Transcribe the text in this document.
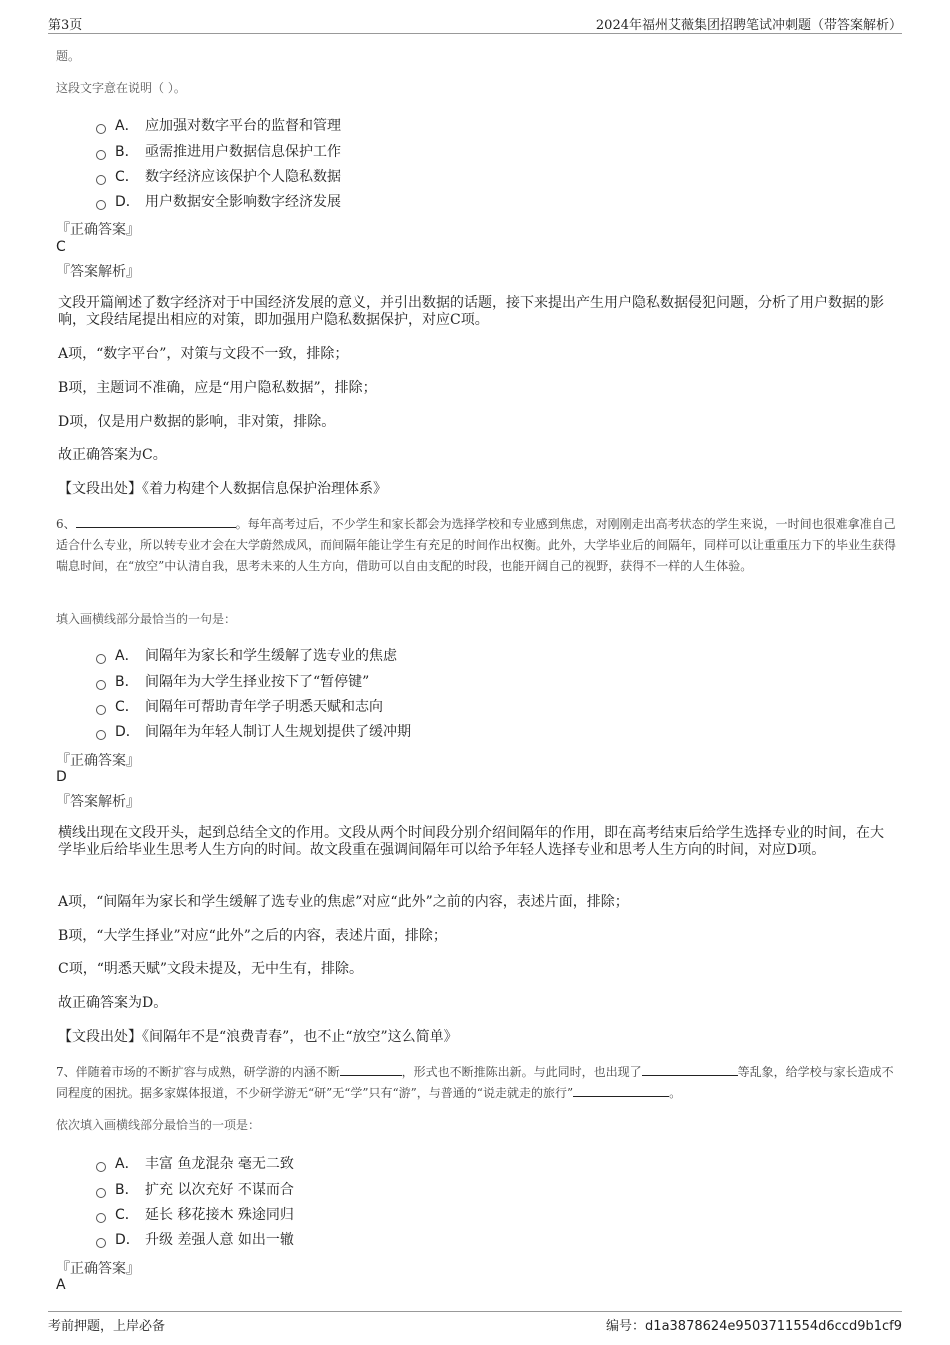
第3页	2024年福州艾薇集团招聘笔试冲刺题（带答案解析）
题。
这段文字意在说明（ ）。
A． 应加强对数字平台的监督和管理
B． 亟需推进用户数据信息保护工作
C． 数字经济应该保护个人隐私数据
D． 用户数据安全影响数字经济发展
『正确答案』
C
『答案解析』
文段开篇阐述了数字经济对于中国经济发展的意义，并引出数据的话题，接下来提出产生用户隐私数据侵犯问题，分析了用户数据的影响，文段结尾提出相应的对策，即加强用户隐私数据保护，对应C项。
A项，“数字平台”，对策与文段不一致，排除；
B项，主题词不准确，应是“用户隐私数据”，排除；
D项，仅是用户数据的影响，非对策，排除。
故正确答案为C。
【文段出处】《着力构建个人数据信息保护治理体系》
6、	。每年高考过后，不少学生和家长都会为选择学校和专业感到焦虑，对刚刚走出高考状态的学生来说，一时间也很难拿准自己适合什么专业，所以转专业才会在大学蔚然成风，而间隔年能让学生有充足的时间作出权衡。此外，大学毕业后的间隔年，同样可以让重重压力下的毕业生获得喘息时间，在“放空”中认清自我，思考未来的人生方向，借助可以自由支配的时段，也能开阔自己的视野，获得不一样的人生体验。
填入画横线部分最恰当的一句是：
A． 间隔年为家长和学生缓解了选专业的焦虑
B． 间隔年为大学生择业按下了“暂停键”
C． 间隔年可帮助青年学子明悉天赋和志向
D． 间隔年为年轻人制订人生规划提供了缓冲期
『正确答案』
D
『答案解析』
横线出现在文段开头，起到总结全文的作用。文段从两个时间段分别介绍间隔年的作用，即在高考结束后给学生选择专业的时间，在大学毕业后给毕业生思考人生方向的时间。故文段重在强调间隔年可以给予年轻人选择专业和思考人生方向的时间，对应D项。
A项，“间隔年为家长和学生缓解了选专业的焦虑”对应“此外”之前的内容，表述片面，排除；
B项，“大学生择业”对应“此外”之后的内容，表述片面，排除；
C项，“明悉天赋”文段未提及，无中生有，排除。
故正确答案为D。
【文段出处】《间隔年不是“浪费青春”，也不止“放空”这么简单》
7、伴随着市场的不断扩容与成熟，研学游的内涵不断	，形式也不断推陈出新。与此同时，也出现了	等乱象，给学校与家长造成不同程度的困扰。据多家媒体报道，不少研学游无“研”无“学”只有“游”，与普通的“说走就走的旅行”	。
依次填入画横线部分最恰当的一项是：
A． 丰富 鱼龙混杂 毫无二致
B． 扩充 以次充好 不谋而合
C． 延长 移花接木 殊途同归
D． 升级 差强人意 如出一辙
『正确答案』
A
考前押题，上岸必备	编号：d1a3878624e9503711554d6ccd9b1cf9
